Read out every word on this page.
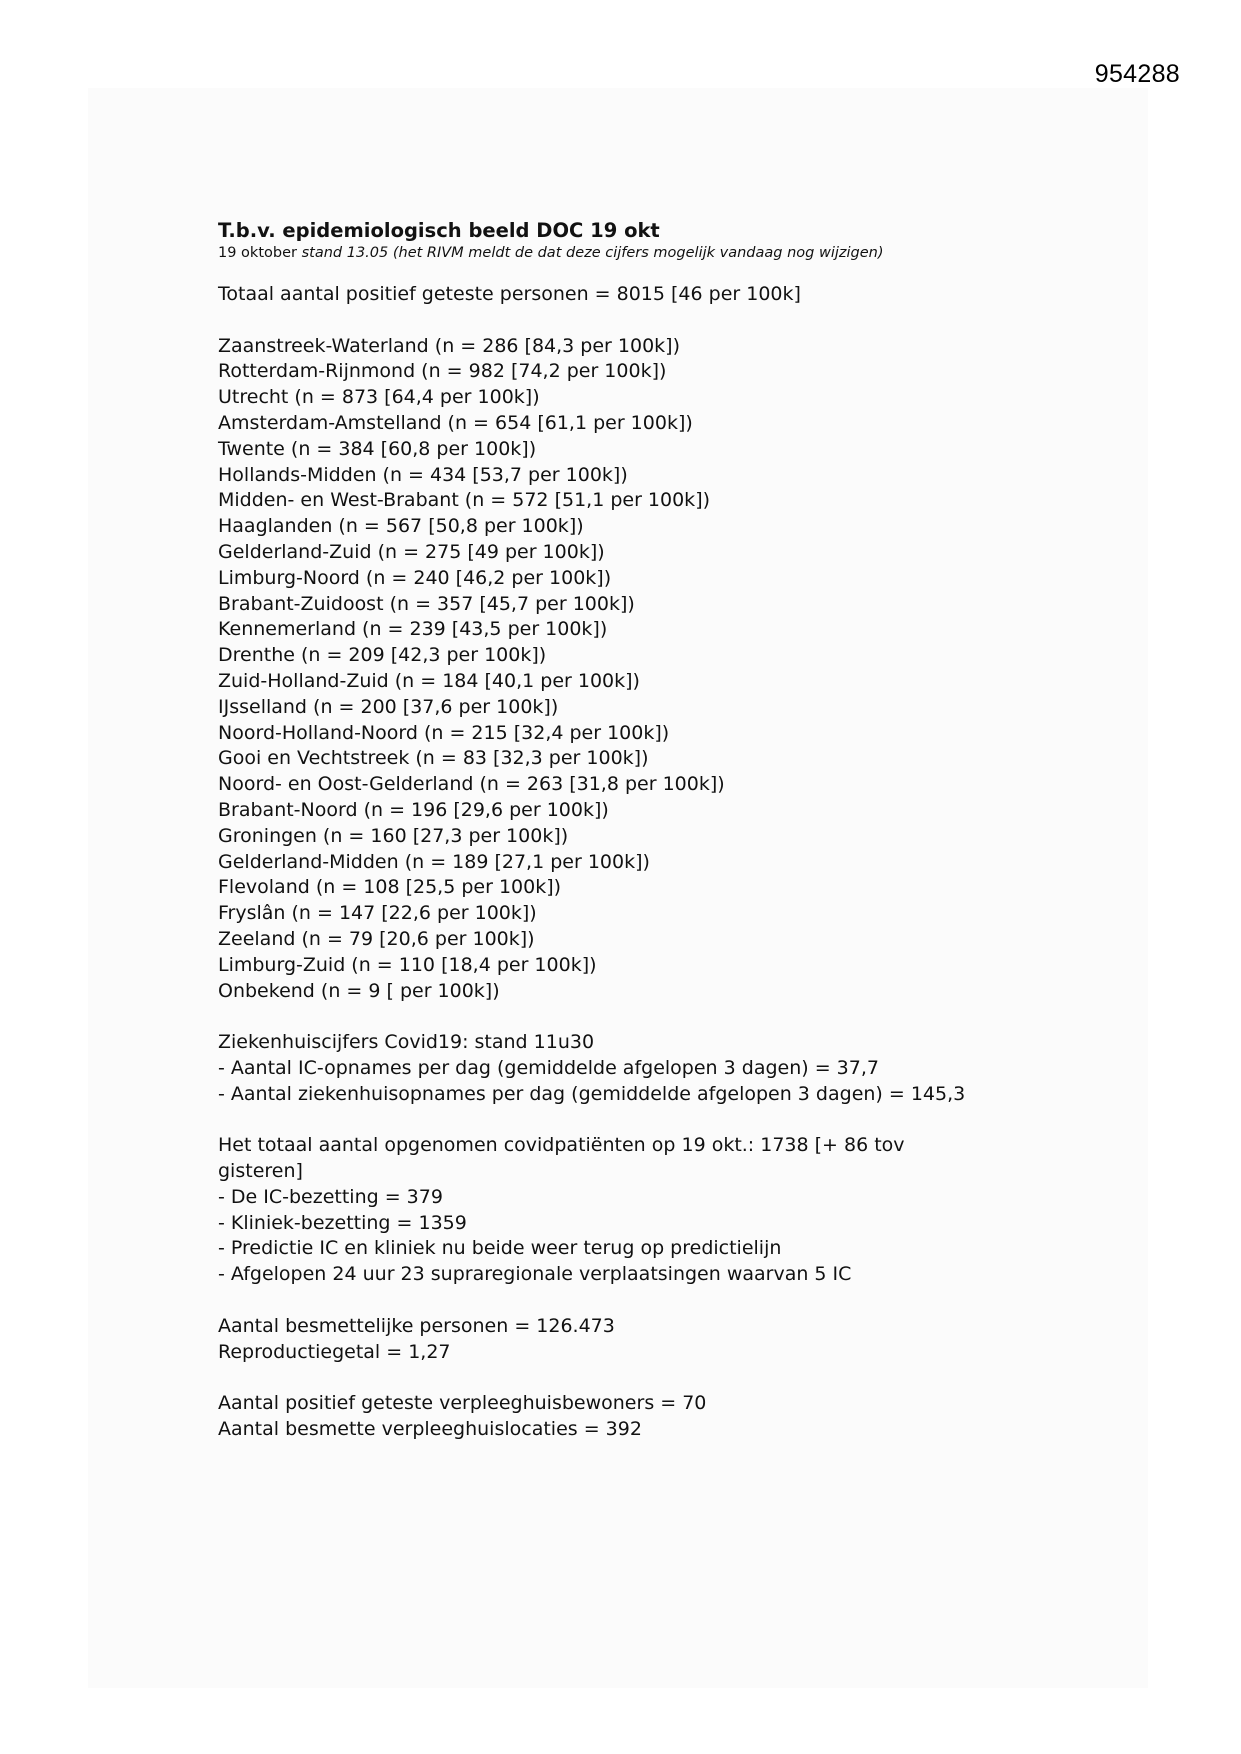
954288
T.b.v. epidemiologisch beeld DOC 19 okt
19 oktober stand 13.05 (het RIVM meldt de dat deze cijfers mogelijk vandaag nog wijzigen)
Totaal aantal positief geteste personen = 8015 [46 per 100k]
Zaanstreek-Waterland (n = 286 [84,3 per 100k])
Rotterdam-Rijnmond (n = 982 [74,2 per 100k])
Utrecht (n = 873 [64,4 per 100k])
Amsterdam-Amstelland (n = 654 [61,1 per 100k])
Twente (n = 384 [60,8 per 100k])
Hollands-Midden (n = 434 [53,7 per 100k])
Midden- en West-Brabant (n = 572 [51,1 per 100k])
Haaglanden (n = 567 [50,8 per 100k])
Gelderland-Zuid (n = 275 [49 per 100k])
Limburg-Noord (n = 240 [46,2 per 100k])
Brabant-Zuidoost (n = 357 [45,7 per 100k])
Kennemerland (n = 239 [43,5 per 100k])
Drenthe (n = 209 [42,3 per 100k])
Zuid-Holland-Zuid (n = 184 [40,1 per 100k])
IJsselland (n = 200 [37,6 per 100k])
Noord-Holland-Noord (n = 215 [32,4 per 100k])
Gooi en Vechtstreek (n = 83 [32,3 per 100k])
Noord- en Oost-Gelderland (n = 263 [31,8 per 100k])
Brabant-Noord (n = 196 [29,6 per 100k])
Groningen (n = 160 [27,3 per 100k])
Gelderland-Midden (n = 189 [27,1 per 100k])
Flevoland (n = 108 [25,5 per 100k])
Fryslân (n = 147 [22,6 per 100k])
Zeeland (n = 79 [20,6 per 100k])
Limburg-Zuid (n = 110 [18,4 per 100k])
Onbekend (n = 9 [ per 100k])
Ziekenhuiscijfers Covid19: stand 11u30
- Aantal IC-opnames per dag (gemiddelde afgelopen 3 dagen) = 37,7
- Aantal ziekenhuisopnames per dag (gemiddelde afgelopen 3 dagen) = 145,3
Het totaal aantal opgenomen covidpatiënten op 19 okt.: 1738 [+ 86 tov gisteren]
- De IC-bezetting = 379
- Kliniek-bezetting = 1359
- Predictie IC en kliniek nu beide weer terug op predictielijn
- Afgelopen 24 uur 23 supraregionale verplaatsingen waarvan 5 IC
Aantal besmettelijke personen = 126.473
Reproductiegetal = 1,27
Aantal positief geteste verpleeghuisbewoners = 70
Aantal besmette verpleeghuislocaties = 392
